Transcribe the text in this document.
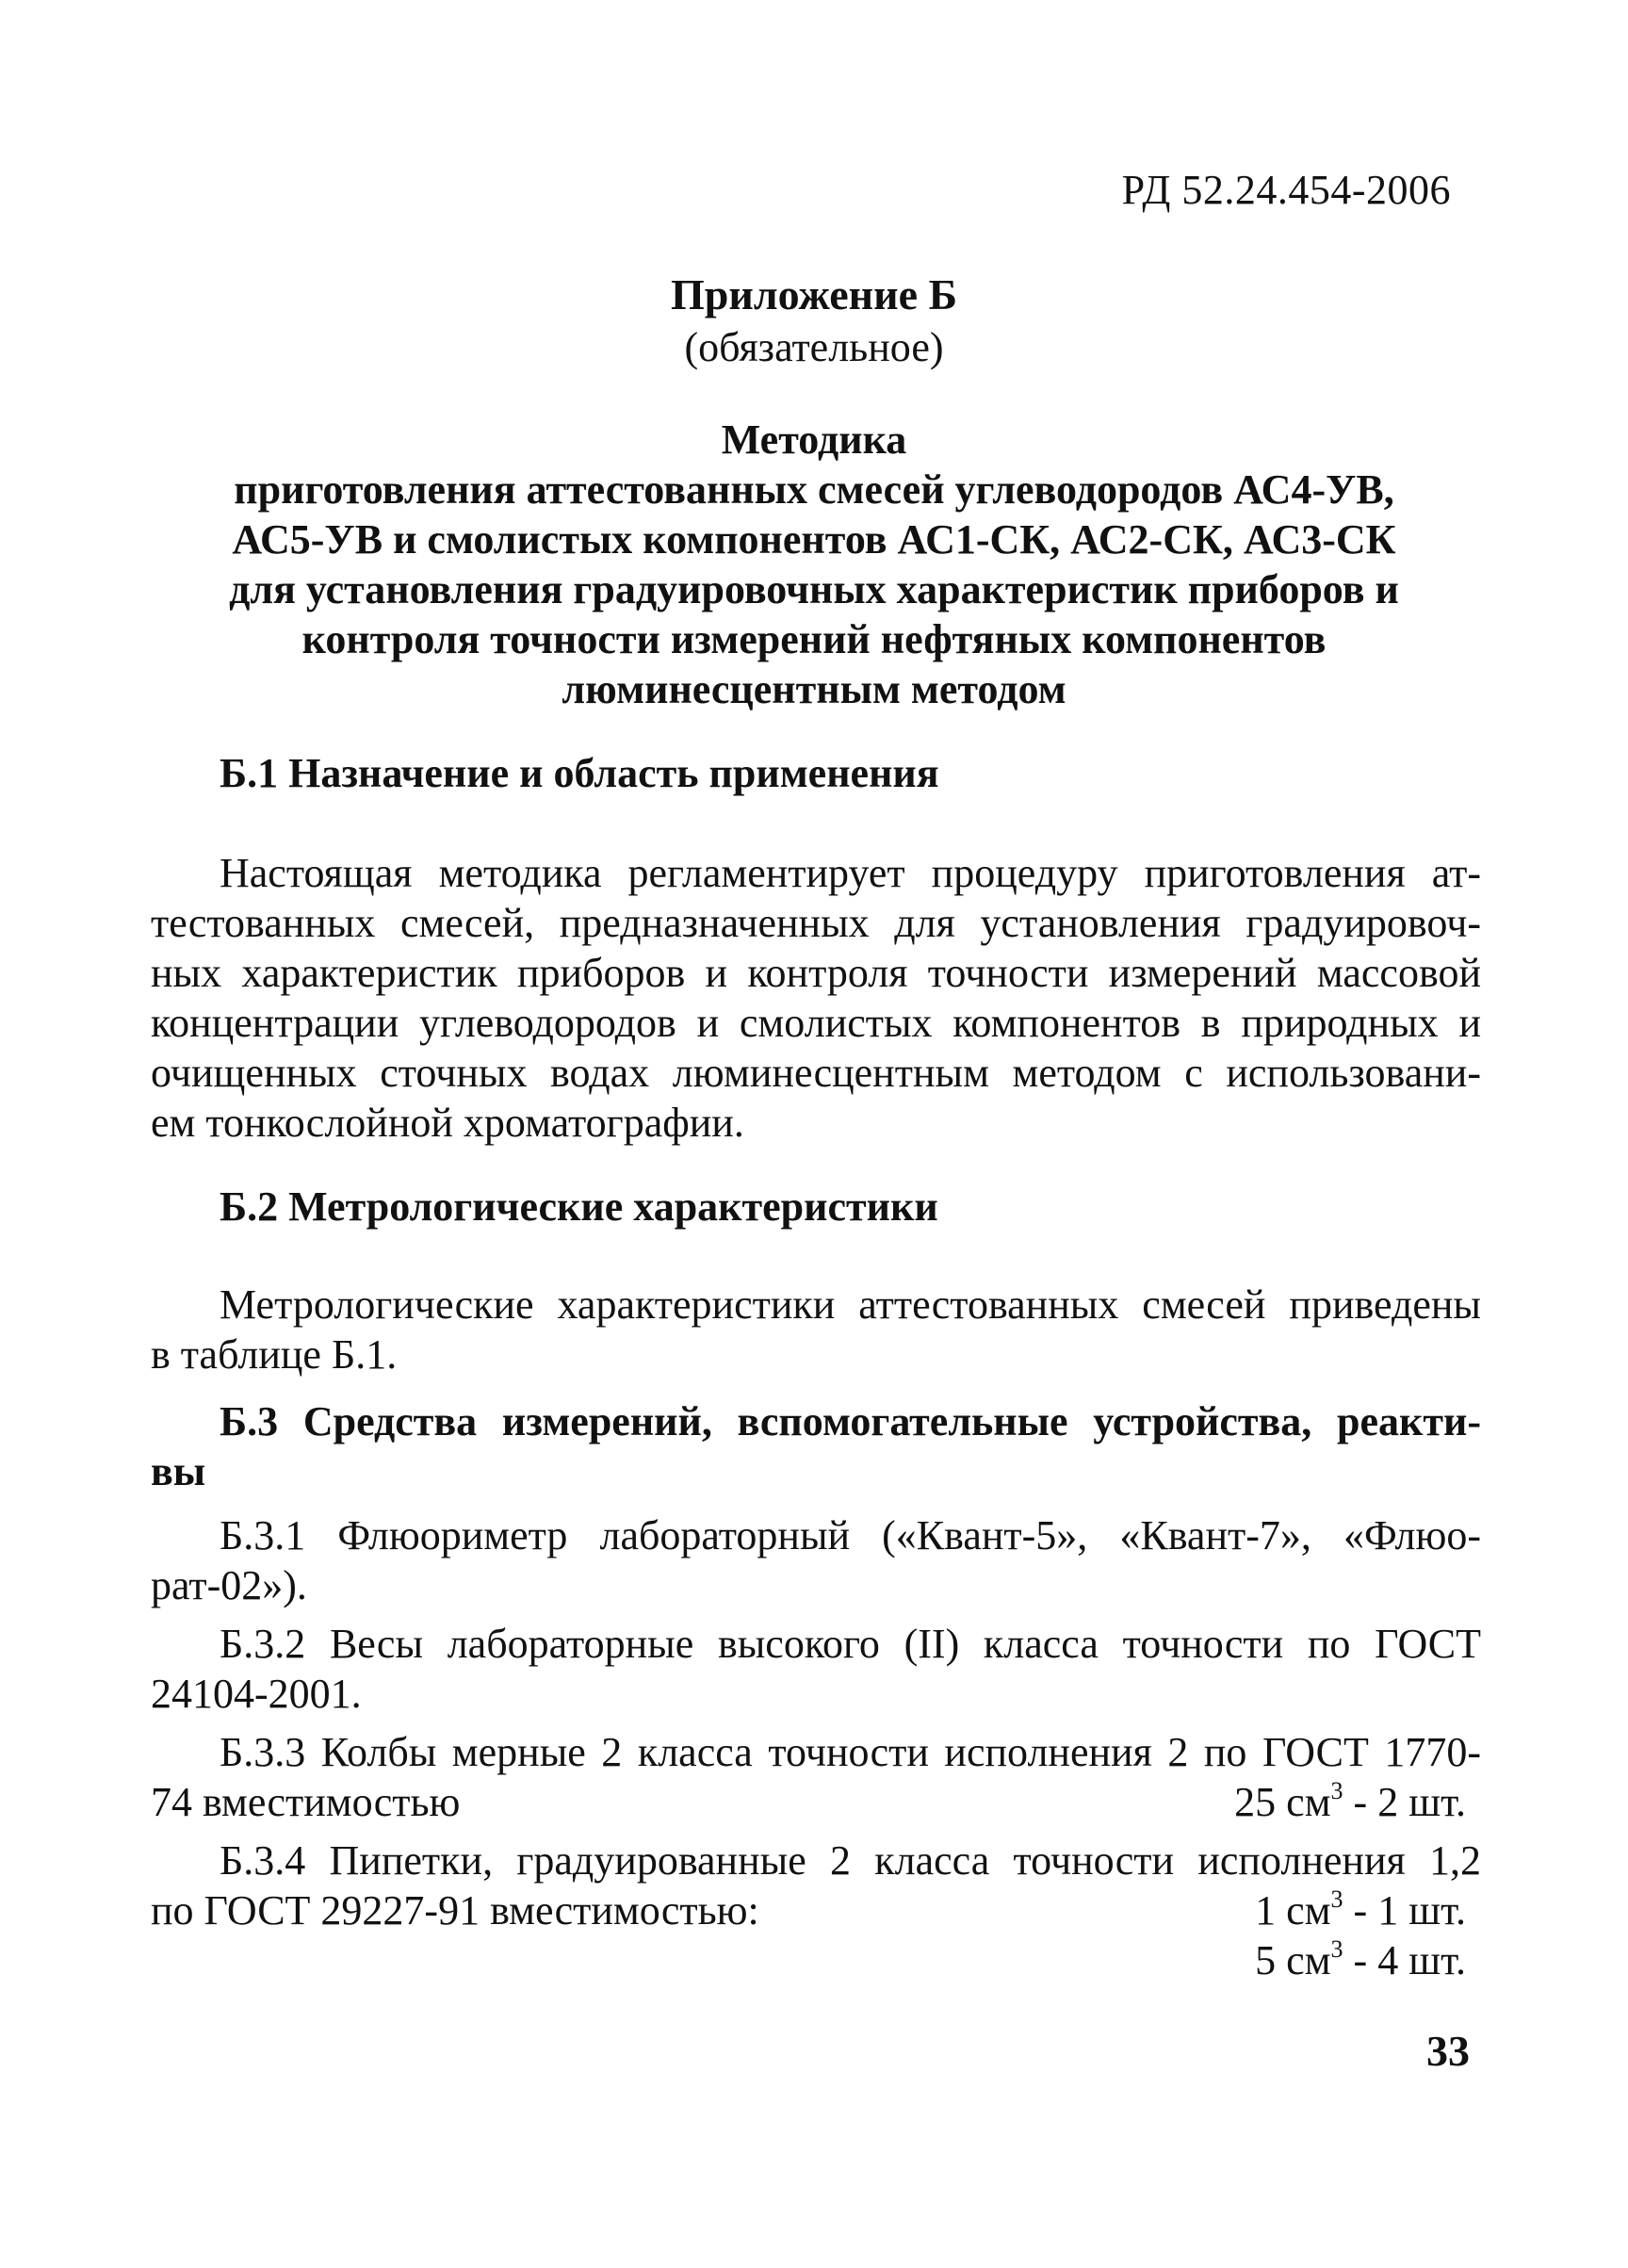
РД 52.24.454-2006
Приложение Б
(обязательное)
Методика
приготовления аттестованных смесей углеводородов АС4-УВ,
АС5-УВ и смолистых компонентов АС1-СК, АС2-СК, АС3-СК
для установления градуировочных характеристик приборов и
контроля точности измерений нефтяных компонентов
люминесцентным методом
Б.1 Назначение и область применения
Настоящая методика регламентирует процедуру приготовления ат-
тестованных смесей, предназначенных для установления градуировоч-
ных характеристик приборов и контроля точности измерений массовой
концентрации углеводородов и смолистых компонентов в природных и
очищенных сточных водах люминесцентным методом с использовани-
ем тонкослойной хроматографии.
Б.2 Метрологические характеристики
Метрологические характеристики аттестованных смесей приведены
в таблице Б.1.
Б.3 Средства измерений, вспомогательные устройства, реакти-
вы
Б.3.1 Флюориметр лабораторный («Квант-5», «Квант-7», «Флюо-
рат-02»).
Б.3.2 Весы лабораторные высокого (II) класса точности по ГОСТ
24104-2001.
Б.3.3 Колбы мерные 2 класса точности исполнения 2 по ГОСТ 1770-
74 вместимостью	25 $см^3 - 2$ шт.
Б.3.4 Пипетки, градуированные 2 класса точности исполнения 1,2
по ГОСТ 29227-91 вместимостью:	1 $см^3 - 1$ шт.
5 $см^3 - 4$ шт.
33
